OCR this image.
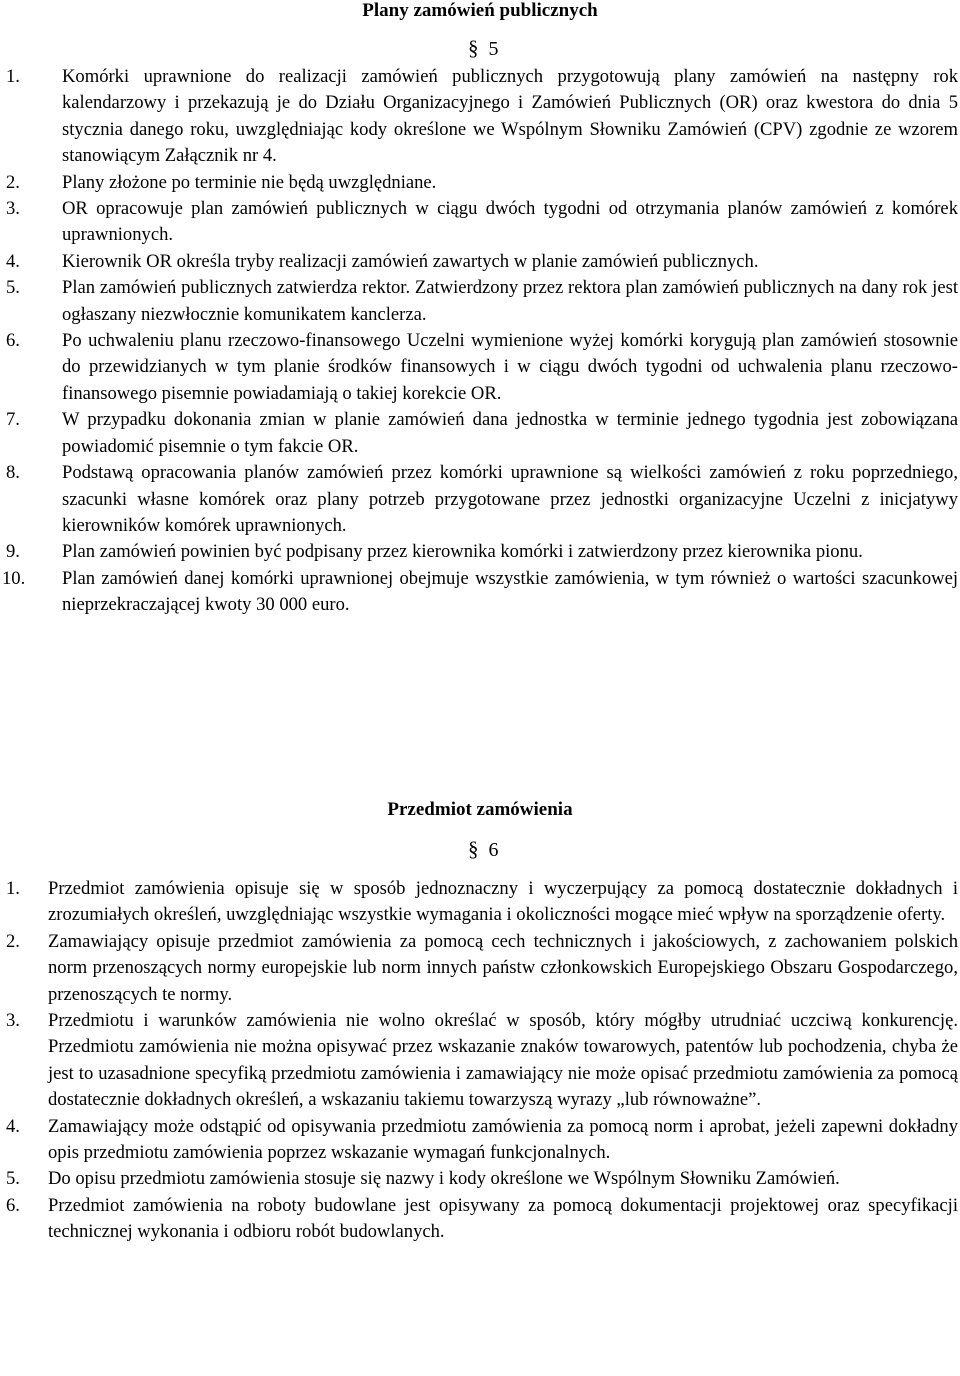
Plany zamówień publicznych
§ 5
1. Komórki uprawnione do realizacji zamówień publicznych przygotowują plany zamówień na następny rok kalendarzowy i przekazują je do Działu Organizacyjnego i Zamówień Publicznych (OR) oraz kwestora do dnia 5 stycznia danego roku, uwzględniając kody określone we Wspólnym Słowniku Zamówień (CPV) zgodnie ze wzorem stanowiącym Załącznik nr 4.
2. Plany złożone po terminie nie będą uwzględniane.
3. OR opracowuje plan zamówień publicznych w ciągu dwóch tygodni od otrzymania planów zamówień z komórek uprawnionych.
4. Kierownik OR określa tryby realizacji zamówień zawartych w planie zamówień publicznych.
5. Plan zamówień publicznych zatwierdza rektor. Zatwierdzony przez rektora plan zamówień publicznych na dany rok jest ogłaszany niezwłocznie komunikatem kanclerza.
6. Po uchwaleniu planu rzeczowo-finansowego Uczelni wymienione wyżej komórki korygują plan zamówień stosownie do przewidzianych w tym planie środków finansowych i w ciągu dwóch tygodni od uchwalenia planu rzeczowo-finansowego pisemnie powiadamiają o takiej korekcie OR.
7. W przypadku dokonania zmian w planie zamówień dana jednostka w terminie jednego tygodnia jest zobowiązana powiadomić pisemnie o tym fakcie OR.
8. Podstawą opracowania planów zamówień przez komórki uprawnione są wielkości zamówień z roku poprzedniego, szacunki własne komórek oraz plany potrzeb przygotowane przez jednostki organizacyjne Uczelni z inicjatywy kierowników komórek uprawnionych.
9. Plan zamówień powinien być podpisany przez kierownika komórki i zatwierdzony przez kierownika pionu.
10. Plan zamówień danej komórki uprawnionej obejmuje wszystkie zamówienia, w tym również o wartości szacunkowej nieprzekraczającej kwoty 30 000 euro.
Przedmiot zamówienia
§ 6
1. Przedmiot zamówienia opisuje się w sposób jednoznaczny i wyczerpujący za pomocą dostatecznie dokładnych i zrozumiałych określeń, uwzględniając wszystkie wymagania i okoliczności mogące mieć wpływ na sporządzenie oferty.
2. Zamawiający opisuje przedmiot zamówienia za pomocą cech technicznych i jakościowych, z zachowaniem polskich norm przenoszących normy europejskie lub norm innych państw członkowskich Europejskiego Obszaru Gospodarczego, przenoszących te normy.
3. Przedmiotu i warunków zamówienia nie wolno określać w sposób, który mógłby utrudniać uczciwą konkurencję. Przedmiotu zamówienia nie można opisywać przez wskazanie znaków towarowych, patentów lub pochodzenia, chyba że jest to uzasadnione specyfiką przedmiotu zamówienia i zamawiający nie może opisać przedmiotu zamówienia za pomocą dostatecznie dokładnych określeń, a wskazaniu takiemu towarzyszą wyrazy „lub równoważne”.
4. Zamawiający może odstąpić od opisywania przedmiotu zamówienia za pomocą norm i aprobat, jeżeli zapewni dokładny opis przedmiotu zamówienia poprzez wskazanie wymagań funkcjonalnych.
5. Do opisu przedmiotu zamówienia stosuje się nazwy i kody określone we Wspólnym Słowniku Zamówień.
6. Przedmiot zamówienia na roboty budowlane jest opisywany za pomocą dokumentacji projektowej oraz specyfikacji technicznej wykonania i odbioru robót budowlanych.
